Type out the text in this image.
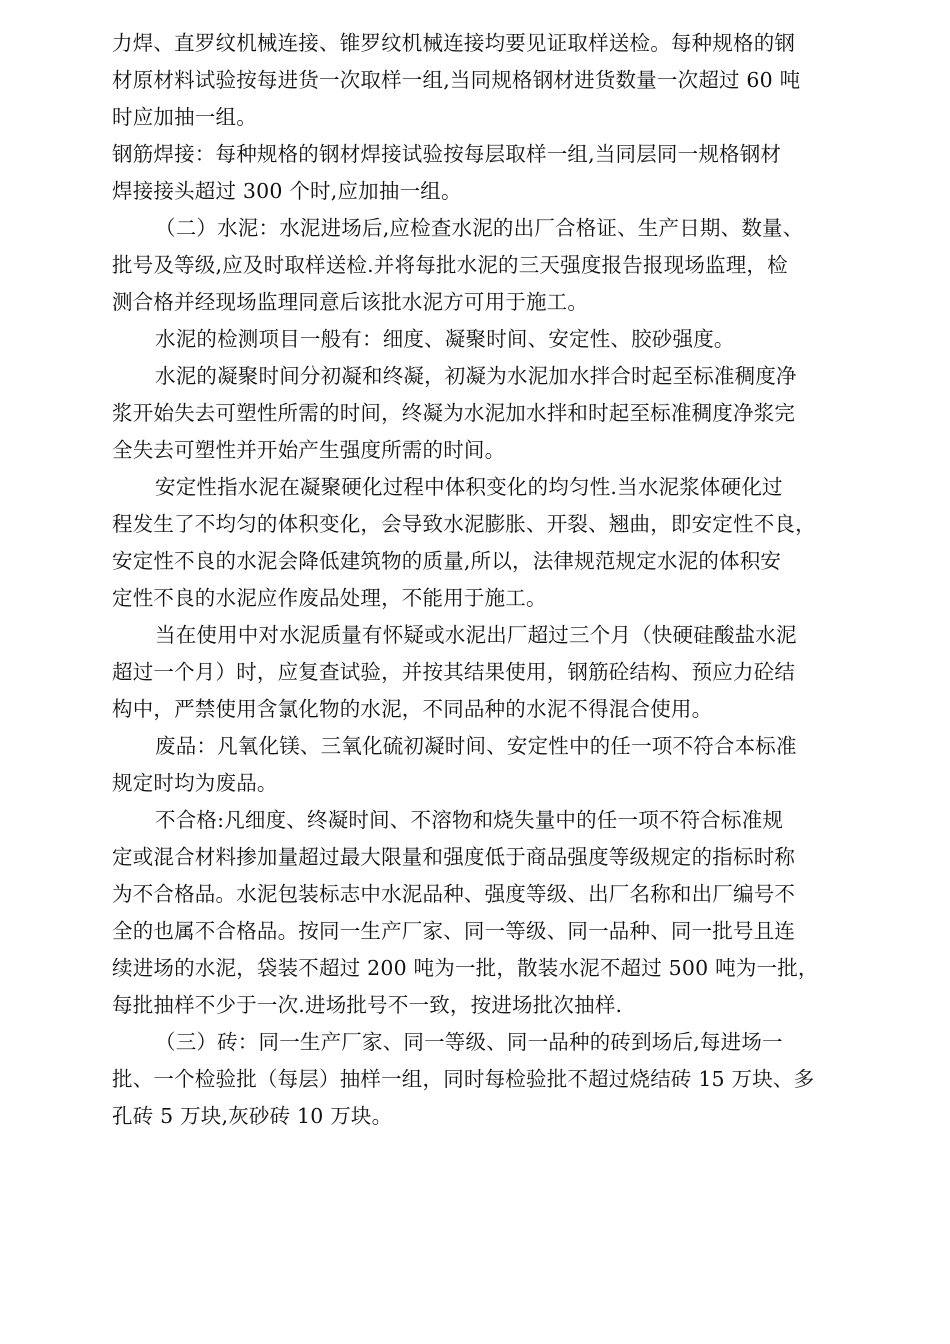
力焊、直罗纹机械连接、锥罗纹机械连接均要见证取样送检。每种规格的钢
材原材料试验按每进货一次取样一组,当同规格钢材进货数量一次超过 60 吨
时应加抽一组。
钢筋焊接：每种规格的钢材焊接试验按每层取样一组,当同层同一规格钢材
焊接接头超过 300 个时,应加抽一组。
（二）水泥：水泥进场后,应检查水泥的出厂合格证、生产日期、数量、
批号及等级,应及时取样送检.并将每批水泥的三天强度报告报现场监理，检
测合格并经现场监理同意后该批水泥方可用于施工。
水泥的检测项目一般有：细度、凝聚时间、安定性、胶砂强度。
水泥的凝聚时间分初凝和终凝，初凝为水泥加水拌合时起至标准稠度净
浆开始失去可塑性所需的时间，终凝为水泥加水拌和时起至标准稠度净浆完
全失去可塑性并开始产生强度所需的时间。
安定性指水泥在凝聚硬化过程中体积变化的均匀性.当水泥浆体硬化过
程发生了不均匀的体积变化，会导致水泥膨胀、开裂、翘曲，即安定性不良，
安定性不良的水泥会降低建筑物的质量,所以，法律规范规定水泥的体积安
定性不良的水泥应作废品处理，不能用于施工。
当在使用中对水泥质量有怀疑或水泥出厂超过三个月（快硬硅酸盐水泥
超过一个月）时，应复查试验，并按其结果使用，钢筋砼结构、预应力砼结
构中，严禁使用含氯化物的水泥，不同品种的水泥不得混合使用。
废品：凡氧化镁、三氧化硫初凝时间、安定性中的任一项不符合本标准
规定时均为废品。
不合格:凡细度、终凝时间、不溶物和烧失量中的任一项不符合标准规
定或混合材料掺加量超过最大限量和强度低于商品强度等级规定的指标时称
为不合格品。水泥包装标志中水泥品种、强度等级、出厂名称和出厂编号不
全的也属不合格品。按同一生产厂家、同一等级、同一品种、同一批号且连
续进场的水泥，袋装不超过 200 吨为一批，散装水泥不超过 500 吨为一批，
每批抽样不少于一次.进场批号不一致，按进场批次抽样.
（三）砖：同一生产厂家、同一等级、同一品种的砖到场后,每进场一
批、一个检验批（每层）抽样一组，同时每检验批不超过烧结砖 15 万块、多
孔砖 5 万块,灰砂砖 10 万块。
